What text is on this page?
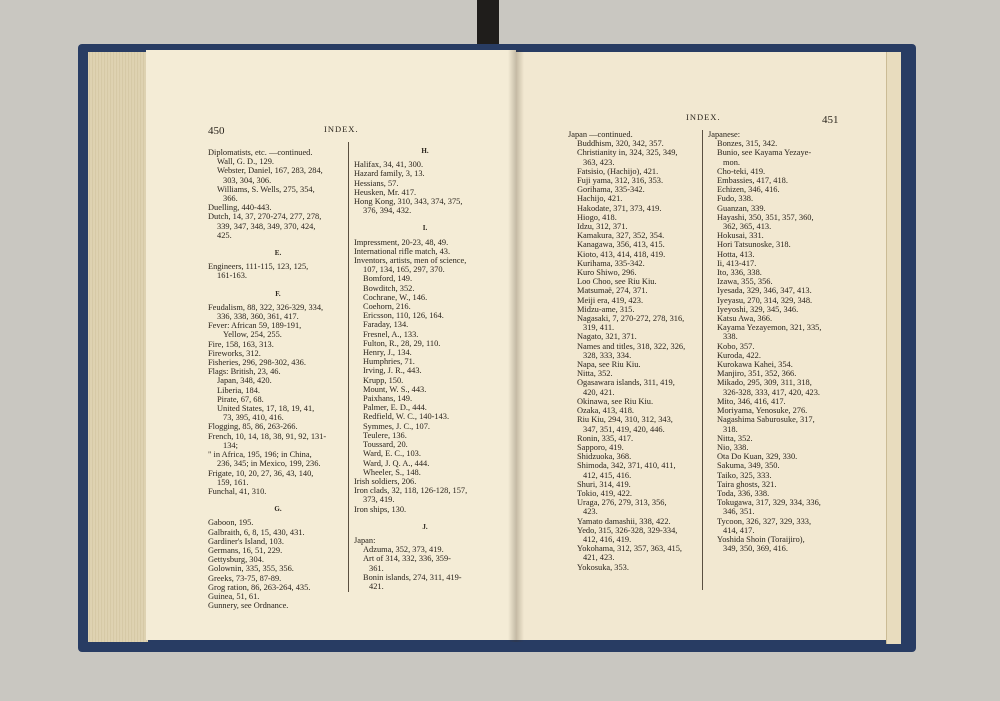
450	INDEX.
Diplomatists, etc. —continued.
Wall, G. D., 129.
Webster, Daniel, 167, 283, 284,
303, 304, 306.
Williams, S. Wells, 275, 354,
366.
Duelling, 440-443.
Dutch, 14, 37, 270-274, 277, 278,
339, 347, 348, 349, 370, 424,
425.
E.
Engineers, 111-115, 123, 125,
161-163.
F.
Feudalism, 88, 322, 326-329, 334,
336, 338, 360, 361, 417.
Fever: African 59, 189-191,
Yellow, 254, 255.
Fire, 158, 163, 313.
Fireworks, 312.
Fisheries, 296, 298-302, 436.
Flags: British, 23, 46.
Japan, 348, 420.
Liberia, 184.
Pirate, 67, 68.
United States, 17, 18, 19, 41,
73, 395, 410, 416.
Flogging, 85, 86, 263-266.
French, 10, 14, 18, 38, 91, 92, 131-
134;
" in Africa, 195, 196; in China,
236, 345; in Mexico, 199, 236.
Frigate, 10, 20, 27, 36, 43, 140,
159, 161.
Funchal, 41, 310.
G.
Gaboon, 195.
Galbraith, 6, 8, 15, 430, 431.
Gardiner's Island, 103.
Germans, 16, 51, 229.
Gettysburg, 304.
Golownin, 335, 355, 356.
Greeks, 73-75, 87-89.
Grog ration, 86, 263-264, 435.
Guinea, 51, 61.
Gunnery, see Ordnance.
H.
Halifax, 34, 41, 300.
Hazard family, 3, 13.
Hessians, 57.
Heusken, Mr. 417.
Hong Kong, 310, 343, 374, 375,
376, 394, 432.
I.
Impressment, 20-23, 48, 49.
International rifle match, 43.
Inventors, artists, men of science,
107, 134, 165, 297, 370.
Bomford, 149.
Bowditch, 352.
Cochrane, W., 146.
Coehorn, 216.
Ericsson, 110, 126, 164.
Faraday, 134.
Fresnel, A., 133.
Fulton, R., 28, 29, 110.
Henry, J., 134.
Humphries, 71.
Irving, J. R., 443.
Krupp, 150.
Mount, W. S., 443.
Paixhans, 149.
Palmer, E. D., 444.
Redfield, W. C., 140-143.
Symmes, J. C., 107.
Teulere, 136.
Toussard, 20.
Ward, E. C., 103.
Ward, J. Q. A., 444.
Wheeler, S., 148.
Irish soldiers, 206.
Iron clads, 32, 118, 126-128, 157,
373, 419.
Iron ships, 130.
J.
Japan:
Adzuma, 352, 373, 419.
Art of 314, 332, 336, 359-
361.
Bonin islands, 274, 311, 419-
421.
INDEX.	451
Japan —continued.
Buddhism, 320, 342, 357.
Christianity in, 324, 325, 349,
363, 423.
Fatsisio, (Hachijo), 421.
Fuji yama, 312, 316, 353.
Gorihama, 335-342.
Hachijo, 421.
Hakodate, 371, 373, 419.
Hiogo, 418.
Idzu, 312, 371.
Kamakura, 327, 352, 354.
Kanagawa, 356, 413, 415.
Kioto, 413, 414, 418, 419.
Kurihama, 335-342.
Kuro Shiwo, 296.
Loo Choo, see Riu Kiu.
Matsumaë, 274, 371.
Meiji era, 419, 423.
Midzu-ame, 315.
Nagasaki, 7, 270-272, 278, 316,
319, 411.
Nagato, 321, 371.
Names and titles, 318, 322, 326,
328, 333, 334.
Napa, see Riu Kiu.
Nitta, 352.
Ogasawara islands, 311, 419,
420, 421.
Okinawa, see Riu Kiu.
Ozaka, 413, 418.
Riu Kiu, 294, 310, 312, 343,
347, 351, 419, 420, 446.
Ronin, 335, 417.
Sapporo, 419.
Shidzuoka, 368.
Shimoda, 342, 371, 410, 411,
412, 415, 416.
Shuri, 314, 419.
Tokio, 419, 422.
Uraga, 276, 279, 313, 356,
423.
Yamato damashii, 338, 422.
Yedo, 315, 326-328, 329-334,
412, 416, 419.
Yokohama, 312, 357, 363, 415,
421, 423.
Yokosuka, 353.
Japanese:
Bonzes, 315, 342.
Bunio, see Kayama Yezaye-
mon.
Cho-teki, 419.
Embassies, 417, 418.
Echizen, 346, 416.
Fudo, 338.
Guanzan, 339.
Hayashi, 350, 351, 357, 360,
362, 365, 413.
Hokusai, 331.
Hori Tatsunoske, 318.
Hotta, 413.
Ii, 413-417.
Ito, 336, 338.
Izawa, 355, 356.
Iyesada, 329, 346, 347, 413.
Iyeyasu, 270, 314, 329, 348.
Iyeyoshi, 329, 345, 346.
Katsu Awa, 366.
Kayama Yezayemon, 321, 335,
338.
Kobo, 357.
Kuroda, 422.
Kurokawa Kahei, 354.
Manjiro, 351, 352, 366.
Mikado, 295, 309, 311, 318,
326-328, 333, 417, 420, 423.
Mito, 346, 416, 417.
Moriyama, Yenosuke, 276.
Nagashima Saburosuke, 317,
318.
Nitta, 352.
Nio, 338.
Ota Do Kuan, 329, 330.
Sakuma, 349, 350.
Taiko, 325, 333.
Taira ghosts, 321.
Toda, 336, 338.
Tokugawa, 317, 329, 334, 336,
346, 351.
Tycoon, 326, 327, 329, 333,
414, 417.
Yoshida Shoin (Toraijiro),
349, 350, 369, 416.
